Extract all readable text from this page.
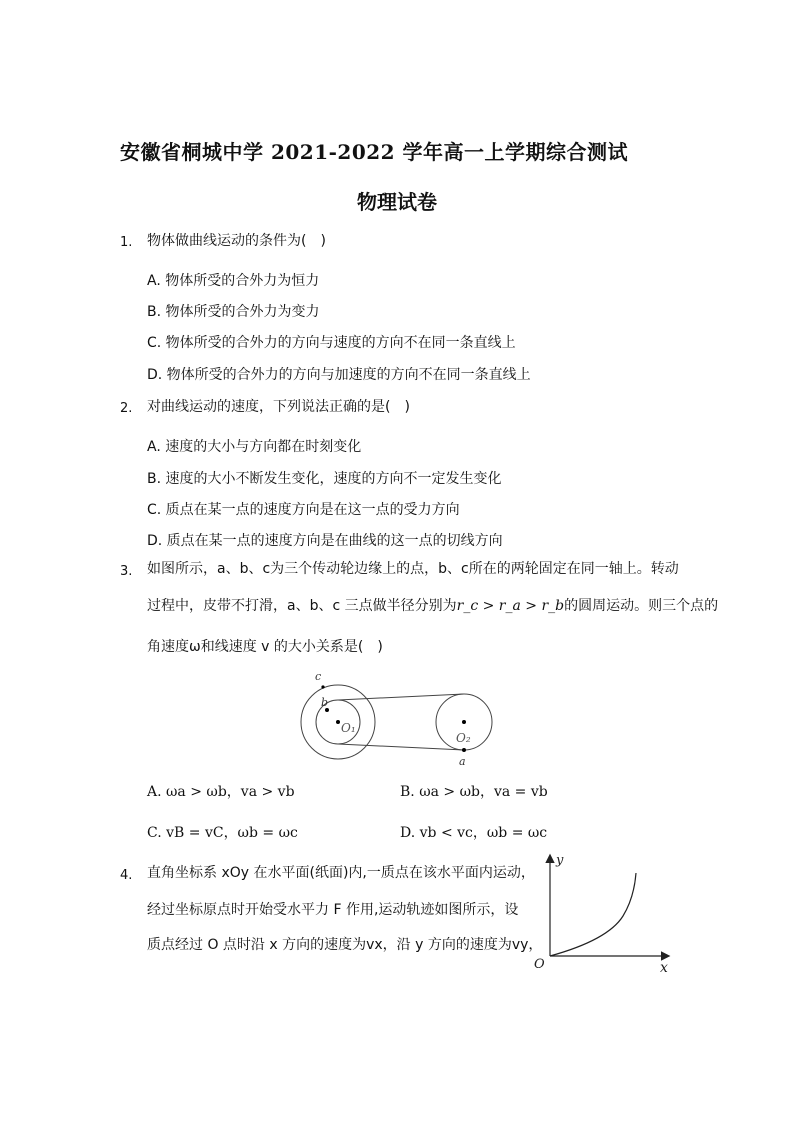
安徽省桐城中学 2021-2022 学年高一上学期综合测试
物理试卷
1. 物体做曲线运动的条件为(　)
A. 物体所受的合外力为恒力
B. 物体所受的合外力为变力
C. 物体所受的合外力的方向与速度的方向不在同一条直线上
D. 物体所受的合外力的方向与加速度的方向不在同一条直线上
2. 对曲线运动的速度，下列说法正确的是(　)
A. 速度的大小与方向都在时刻变化
B. 速度的大小不断发生变化，速度的方向不一定发生变化
C. 质点在某一点的速度方向是在这一点的受力方向
D. 质点在某一点的速度方向是在曲线的这一点的切线方向
3. 如图所示，a、b、c为三个传动轮边缘上的点，b、c所在的两轮固定在同一轴上。转动
过程中，皮带不打滑，a、b、c 三点做半径分别为r_c > r_a > r_b的圆周运动。则三个点的
角速度ω和线速度 v 的大小关系是(　)
c
b
O₁
O₂
a
A. ωa > ωb，va > vb	B. ωa > ωb，va = vb
C. vB = vC，ωb = ωc	D. vb < vc，ωb = ωc
4. 直角坐标系 xOy 在水平面(纸面)内,一质点在该水平面内运动，
经过坐标原点时开始受水平力 F 作用,运动轨迹如图所示，设
质点经过 O 点时沿 x 方向的速度为vx，沿 y 方向的速度为vy，
y
x
O
